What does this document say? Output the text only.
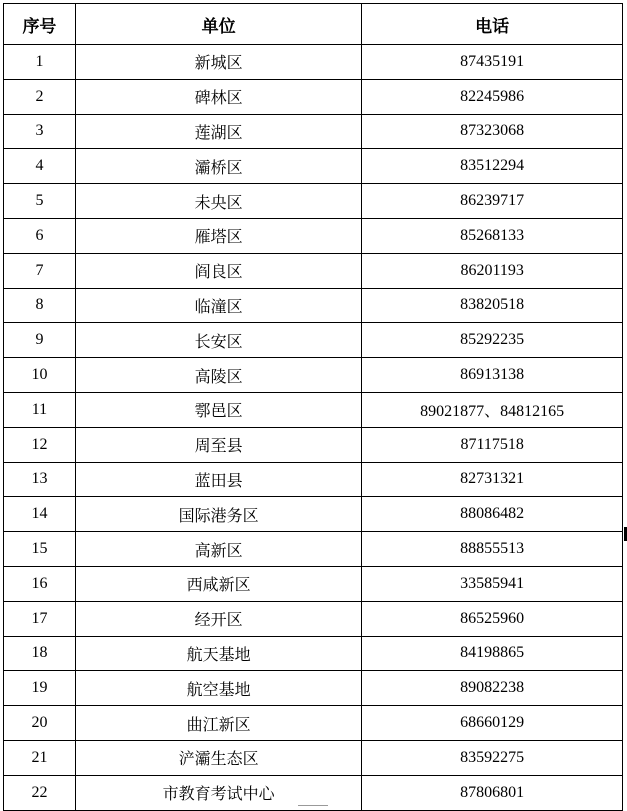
序号	单位	电话
1	新城区	87435191
2	碑林区	82245986
3	莲湖区	87323068
4	灞桥区	83512294
5	未央区	86239717
6	雁塔区	85268133
7	阎良区	86201193
8	临潼区	83820518
9	长安区	85292235
10	高陵区	86913138
11	鄠邑区	89021877、84812165
12	周至县	87117518
13	蓝田县	82731321
14	国际港务区	88086482
15	高新区	88855513
16	西咸新区	33585941
17	经开区	86525960
18	航天基地	84198865
19	航空基地	89082238
20	曲江新区	68660129
21	浐灞生态区	83592275
22	市教育考试中心	87806801
